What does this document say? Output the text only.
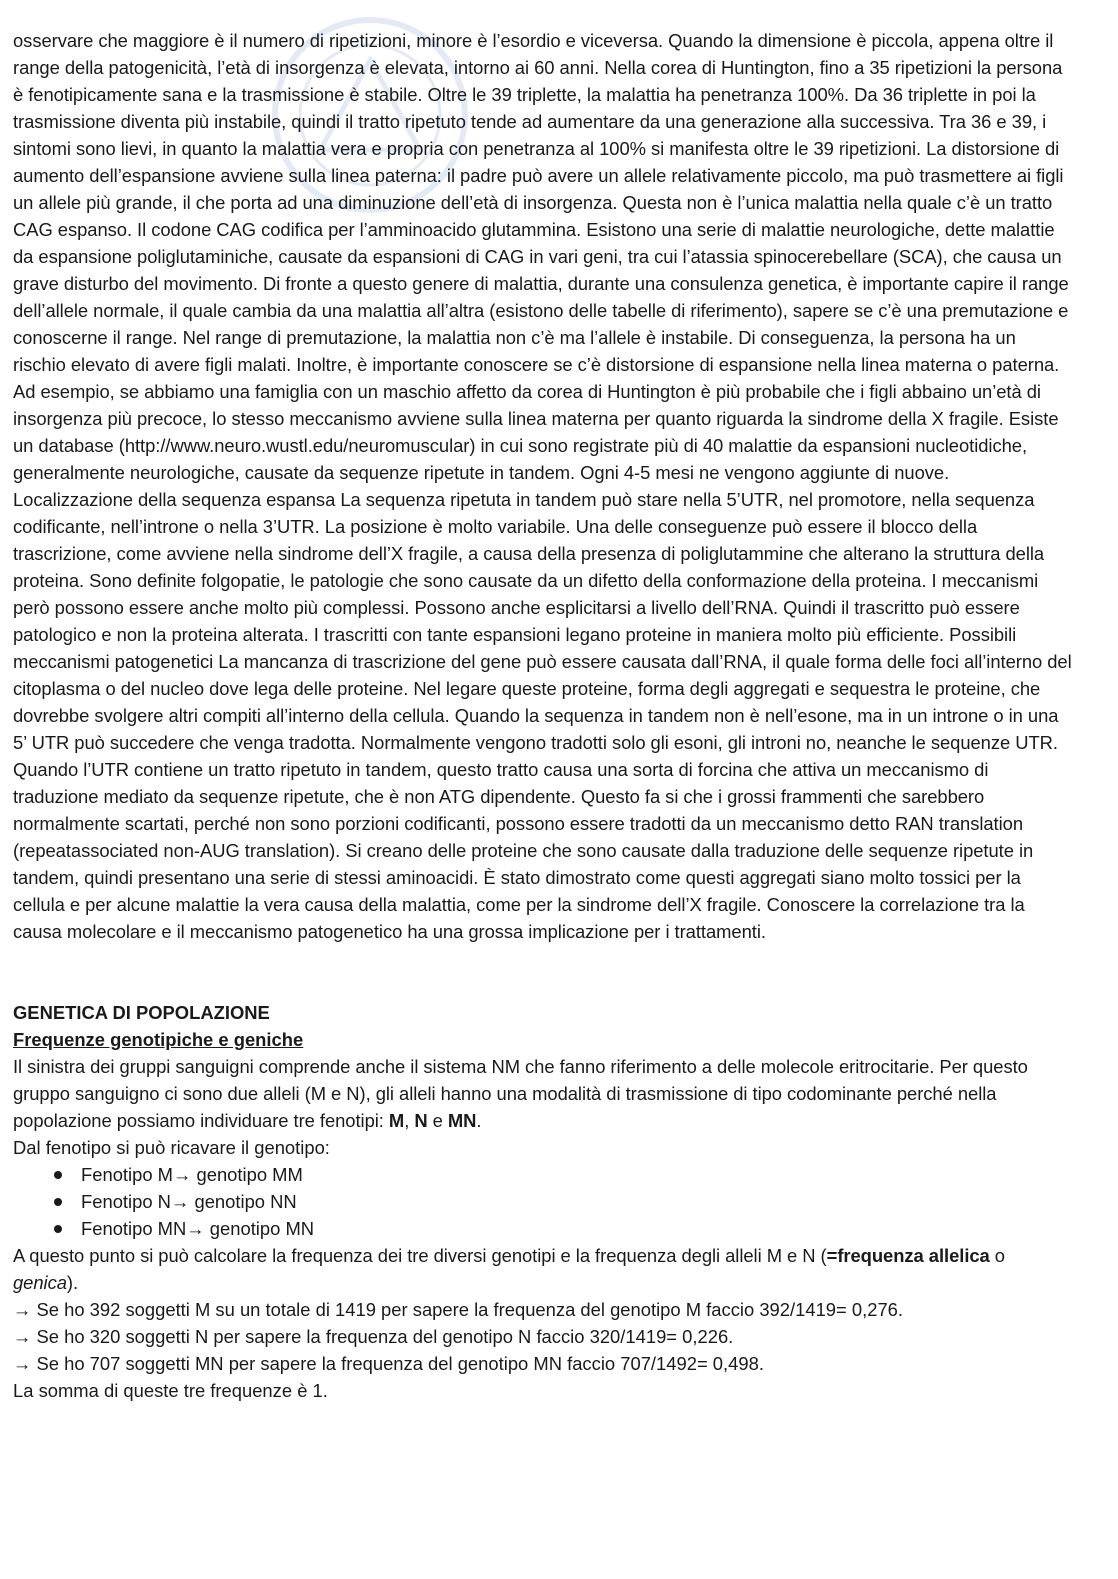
osservare che maggiore è il numero di ripetizioni, minore è l’esordio e viceversa. Quando la dimensione è piccola, appena oltre il range della patogenicità, l’età di insorgenza è elevata, intorno ai 60 anni. Nella corea di Huntington, fino a 35 ripetizioni la persona è fenotipicamente sana e la trasmissione è stabile. Oltre le 39 triplette, la malattia ha penetranza 100%. Da 36 triplette in poi la trasmissione diventa più instabile, quindi il tratto ripetuto tende ad aumentare da una generazione alla successiva. Tra 36 e 39, i sintomi sono lievi, in quanto la malattia vera e propria con penetranza al 100% si manifesta oltre le 39 ripetizioni. La distorsione di aumento dell’espansione avviene sulla linea paterna: il padre può avere un allele relativamente piccolo, ma può trasmettere ai figli un allele più grande, il che porta ad una diminuzione dell’età di insorgenza. Questa non è l’unica malattia nella quale c’è un tratto CAG espanso. Il codone CAG codifica per l’amminoacido glutammina. Esistono una serie di malattie neurologiche, dette malattie da espansione poliglutaminiche, causate da espansioni di CAG in vari geni, tra cui l’atassia spinocerebellare (SCA), che causa un grave disturbo del movimento. Di fronte a questo genere di malattia, durante una consulenza genetica, è importante capire il range dell’allele normale, il quale cambia da una malattia all’altra (esistono delle tabelle di riferimento), sapere se c’è una premutazione e conoscerne il range. Nel range di premutazione, la malattia non c’è ma l’allele è instabile. Di conseguenza, la persona ha un rischio elevato di avere figli malati. Inoltre, è importante conoscere se c’è distorsione di espansione nella linea materna o paterna. Ad esempio, se abbiamo una famiglia con un maschio affetto da corea di Huntington è più probabile che i figli abbaino un’età di insorgenza più precoce, lo stesso meccanismo avviene sulla linea materna per quanto riguarda la sindrome della X fragile. Esiste un database (http://www.neuro.wustl.edu/neuromuscular) in cui sono registrate più di 40 malattie da espansioni nucleotidiche, generalmente neurologiche, causate da sequenze ripetute in tandem. Ogni 4-5 mesi ne vengono aggiunte di nuove. Localizzazione della sequenza espansa La sequenza ripetuta in tandem può stare nella 5’UTR, nel promotore, nella sequenza codificante, nell’introne o nella 3’UTR. La posizione è molto variabile. Una delle conseguenze può essere il blocco della trascrizione, come avviene nella sindrome dell’X fragile, a causa della presenza di poliglutammine che alterano la struttura della proteina. Sono definite folgopatie, le patologie che sono causate da un difetto della conformazione della proteina. I meccanismi però possono essere anche molto più complessi. Possono anche esplicitarsi a livello dell’RNA. Quindi il trascritto può essere patologico e non la proteina alterata. I trascritti con tante espansioni legano proteine in maniera molto più efficiente. Possibili meccanismi patogenetici La mancanza di trascrizione del gene può essere causata dall’RNA, il quale forma delle foci all’interno del citoplasma o del nucleo dove lega delle proteine. Nel legare queste proteine, forma degli aggregati e sequestra le proteine, che dovrebbe svolgere altri compiti all’interno della cellula. Quando la sequenza in tandem non è nell’esone, ma in un introne o in una 5’ UTR può succedere che venga tradotta. Normalmente vengono tradotti solo gli esoni, gli introni no, neanche le sequenze UTR. Quando l’UTR contiene un tratto ripetuto in tandem, questo tratto causa una sorta di forcina che attiva un meccanismo di traduzione mediato da sequenze ripetute, che è non ATG dipendente. Questo fa si che i grossi frammenti che sarebbero normalmente scartati, perché non sono porzioni codificanti, possono essere tradotti da un meccanismo detto RAN translation (repeatassociated non-AUG translation). Si creano delle proteine che sono causate dalla traduzione delle sequenze ripetute in tandem, quindi presentano una serie di stessi aminoacidi. È stato dimostrato come questi aggregati siano molto tossici per la cellula e per alcune malattie la vera causa della malattia, come per la sindrome dell’X fragile. Conoscere la correlazione tra la causa molecolare e il meccanismo patogenetico ha una grossa implicazione per i trattamenti.

GENETICA DI POPOLAZIONE

Frequenze genotipiche e geniche

Il sinistra dei gruppi sanguigni comprende anche il sistema NM che fanno riferimento a delle molecole eritrocitarie. Per questo gruppo sanguigno ci sono due alleli (M e N), gli alleli hanno una modalità di trasmissione di tipo codominante perché nella popolazione possiamo individuare tre fenotipi: M, N e MN.

Dal fenotipo si può ricavare il genotipo:

Fenotipo M→ genotipo MM
Fenotipo N→ genotipo NN
Fenotipo MN→ genotipo MN

A questo punto si può calcolare la frequenza dei tre diversi genotipi e la frequenza degli alleli M e N (=frequenza allelica o genica).

→ Se ho 392 soggetti M su un totale di 1419 per sapere la frequenza del genotipo M faccio 392/1419= 0,276.

→ Se ho 320 soggetti N per sapere la frequenza del genotipo N faccio 320/1419= 0,226.

→ Se ho 707 soggetti MN per sapere la frequenza del genotipo MN faccio 707/1492= 0,498.

La somma di queste tre frequenze è 1.
